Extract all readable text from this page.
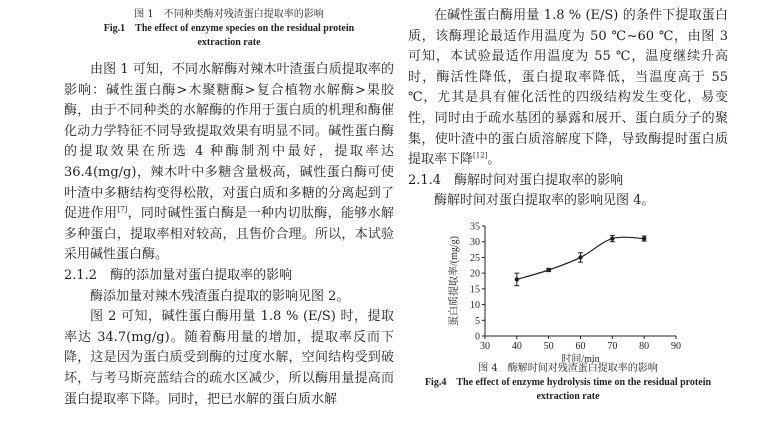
图 1　不同种类酶对残渣蛋白提取率的影响
Fig.1　The effect of enzyme species on the residual protein
extraction rate

由图 1 可知，不同水解酶对辣木叶渣蛋白质提取率的影响：碱性蛋白酶>木聚糖酶>复合植物水解酶>果胶酶，由于不同种类的水解酶的作用于蛋白质的机理和酶催化动力学特征不同导致提取效果有明显不同。碱性蛋白酶的提取效果在所选 4 种酶制剂中最好，提取率达 36.4(mg/g)，辣木叶中多糖含量极高，碱性蛋白酶可使叶渣中多糖结构变得松散，对蛋白质和多糖的分离起到了促进作用[7]，同时碱性蛋白酶是一种内切肽酶，能够水解多种蛋白，提取率相对较高，且售价合理。所以，本试验采用碱性蛋白酶。

2.1.2　酶的添加量对蛋白提取率的影响

酶添加量对辣木残渣蛋白提取的影响见图 2。

图 2 可知，碱性蛋白酶用量 1.8 % (E/S) 时，提取率达 34.7(mg/g)。随着酶用量的增加，提取率反而下降，这是因为蛋白质受到酶的过度水解，空间结构受到破坏，与考马斯亮蓝结合的疏水区减少，所以酶用量提高而蛋白提取率下降。同时，把已水解的蛋白质水解

在碱性蛋白酶用量 1.8 % (E/S) 的条件下提取蛋白质，该酶理论最适作用温度为 50 ℃~60 ℃，由图 3 可知，本试验最适作用温度为 55 ℃，温度继续升高时，酶活性降低，蛋白提取率降低，当温度高于 55 ℃，尤其是具有催化活性的四级结构发生变化，易变性，同时由于疏水基团的暴露和展开、蛋白质分子的聚集，使叶渣中的蛋白质溶解度下降，导致酶提时蛋白质提取率下降[12]。

2.1.4　酶解时间对蛋白提取率的影响

酶解时间对蛋白提取率的影响见图 4。

30 40 50 60 70 80 90
0
5
10
15
20
25
30
35
时间/min
蛋白质提取率/(mg/g)
图 4　酶解时间对残渣蛋白提取率的影响
Fig.4　The effect of enzyme hydrolysis time on the residual protein
extraction rate
